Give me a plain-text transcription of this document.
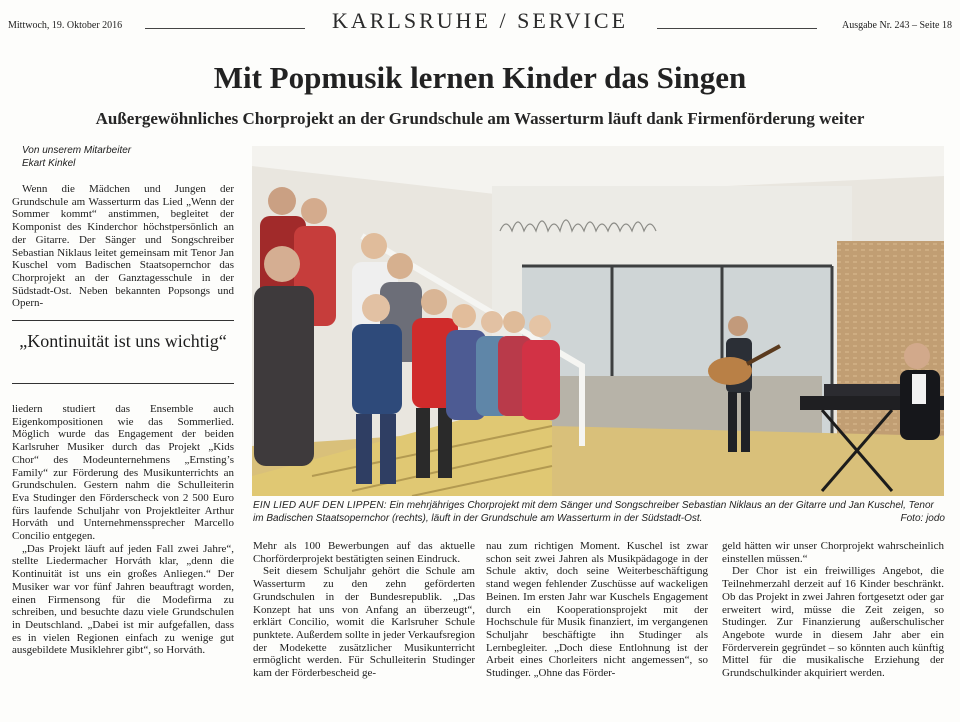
Mittwoch, 19. Oktober 2016	KARLSRUHE / SERVICE	Ausgabe Nr. 243 – Seite 18
Mit Popmusik lernen Kinder das Singen
Außergewöhnliches Chorprojekt an der Grundschule am Wasserturm läuft dank Firmenförderung weiter
Von unserem Mitarbeiter
Ekart Kinkel

Wenn die Mädchen und Jungen der Grundschule am Wasserturm das Lied „Wenn der Sommer kommt“ anstimmen, begleitet der Komponist des Kinderchor höchstpersönlich an der Gitarre. Der Sänger und Songschreiber Sebastian Niklaus leitet gemeinsam mit Tenor Jan Kuschel vom Badischen Staatsopernchor das Chorprojekt an der Ganztagesschule in der Südstadt-Ost. Neben bekannten Popsongs und Opern-

„Kontinuität ist uns wichtig“

liedern studiert das Ensemble auch Eigenkompositionen wie das Sommerlied. Möglich wurde das Engagement der beiden Karlsruher Musiker durch das Projekt „Kids Chor“ des Modeunternehmens „Ernsting’s Family“ zur Förderung des Musikunterrichts an Grundschulen. Gestern nahm die Schulleiterin Eva Studinger den Förderscheck von 2 500 Euro fürs laufende Schuljahr von Projektleiter Arthur Horváth und Unternehmenssprecher Marcello Concilio entgegen.

„Das Projekt läuft auf jeden Fall zwei Jahre“, stellte Liedermacher Horváth klar, „denn die Kontinuität ist uns ein großes Anliegen.“ Der Musiker war vor fünf Jahren beauftragt worden, einen Firmensong für die Modefirma zu schreiben, und besuchte dazu viele Grundschulen in Deutschland. „Dabei ist mir aufgefallen, dass es in vielen Regionen einfach zu wenige gut ausgebildete Musiklehrer gibt“, so Horváth.

EIN LIED AUF DEN LIPPEN: Ein mehrjähriges Chorprojekt mit dem Sänger und Songschreiber Sebastian Niklaus an der Gitarre und Jan Kuschel, Tenor im Badischen Staatsopernchor (rechts), läuft in der Grundschule am Wasserturm in der Südstadt-Ost.	Foto: jodo

Mehr als 100 Bewerbungen auf das aktuelle Chorförderprojekt bestätigten seinen Eindruck.

Seit diesem Schuljahr gehört die Schule am Wasserturm zu den zehn geförderten Grundschulen in der Bundesrepublik. „Das Konzept hat uns von Anfang an überzeugt“, erklärt Concilio, womit die Karlsruher Schule punktete. Außerdem sollte in jeder Verkaufsregion der Modekette zusätzlicher Musikunterricht ermöglicht werden. Für Schulleiterin Studinger kam der Förderbescheid ge-

nau zum richtigen Moment. Kuschel ist zwar schon seit zwei Jahren als Musikpädagoge in der Schule aktiv, doch seine Weiterbeschäftigung stand wegen fehlender Zuschüsse auf wackeligen Beinen. Im ersten Jahr war Kuschels Engagement durch ein Kooperationsprojekt mit der Hochschule für Musik finanziert, im vergangenen Schuljahr beschäftigte ihn Studinger als Lernbegleiter. „Doch diese Entlohnung ist der Arbeit eines Chorleiters nicht angemessen“, so Studinger. „Ohne das Förder-

geld hätten wir unser Chorprojekt wahrscheinlich einstellen müssen.“

Der Chor ist ein freiwilliges Angebot, die Teilnehmerzahl derzeit auf 16 Kinder beschränkt. Ob das Projekt in zwei Jahren fortgesetzt oder gar erweitert wird, müsse die Zeit zeigen, so Studinger. Zur Finanzierung außerschulischer Angebote wurde in diesem Jahr aber ein Förderverein gegründet – so könnten auch künftig Mittel für die musikalische Erziehung der Grundschulkinder akquiriert werden.
